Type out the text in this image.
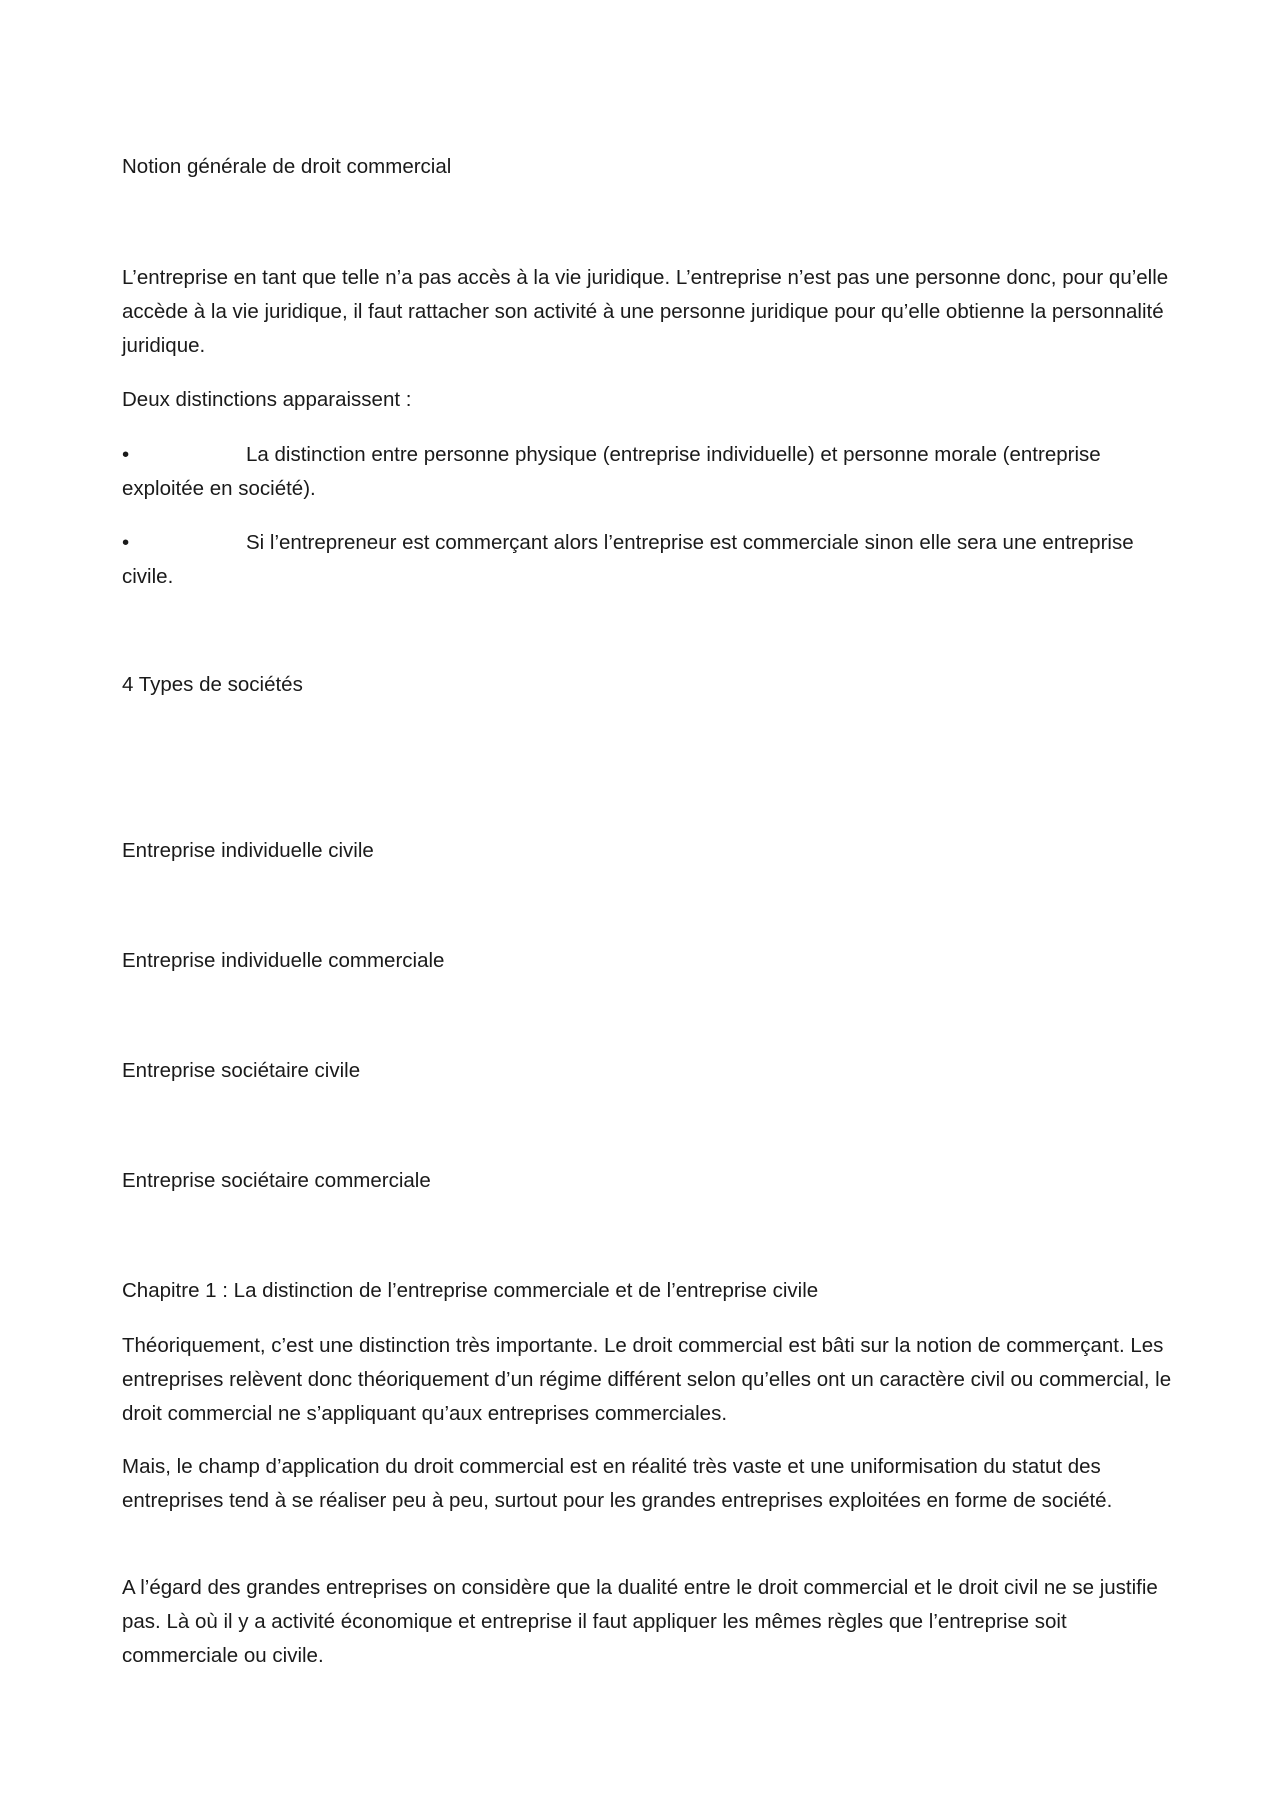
Notion générale de droit commercial

L’entreprise en tant que telle n’a pas accès à la vie juridique. L’entreprise n’est pas une personne donc, pour qu’elle accède à la vie juridique, il faut rattacher son activité à une personne juridique pour qu’elle obtienne la personnalité juridique.

Deux distinctions apparaissent :

•	La distinction entre personne physique (entreprise individuelle) et personne morale (entreprise exploitée en société).

•	Si l’entrepreneur est commerçant alors l’entreprise est commerciale sinon elle sera une entreprise civile.

4 Types de sociétés

Entreprise individuelle civile

Entreprise individuelle commerciale

Entreprise sociétaire civile

Entreprise sociétaire commerciale

Chapitre 1 : La distinction de l’entreprise commerciale et de l’entreprise civile

Théoriquement, c’est une distinction très importante. Le droit commercial est bâti sur la notion de commerçant. Les entreprises relèvent donc théoriquement d’un régime différent selon qu’elles ont un caractère civil ou commercial, le droit commercial ne s’appliquant qu’aux entreprises commerciales.

Mais, le champ d’application du droit commercial est en réalité très vaste et une uniformisation du statut des entreprises tend à se réaliser peu à peu, surtout pour les grandes entreprises exploitées en forme de société.

A l’égard des grandes entreprises on considère que la dualité entre le droit commercial et le droit civil ne se justifie pas. Là où il y a activité économique et entreprise il faut appliquer les mêmes règles que l’entreprise soit commerciale ou civile.
